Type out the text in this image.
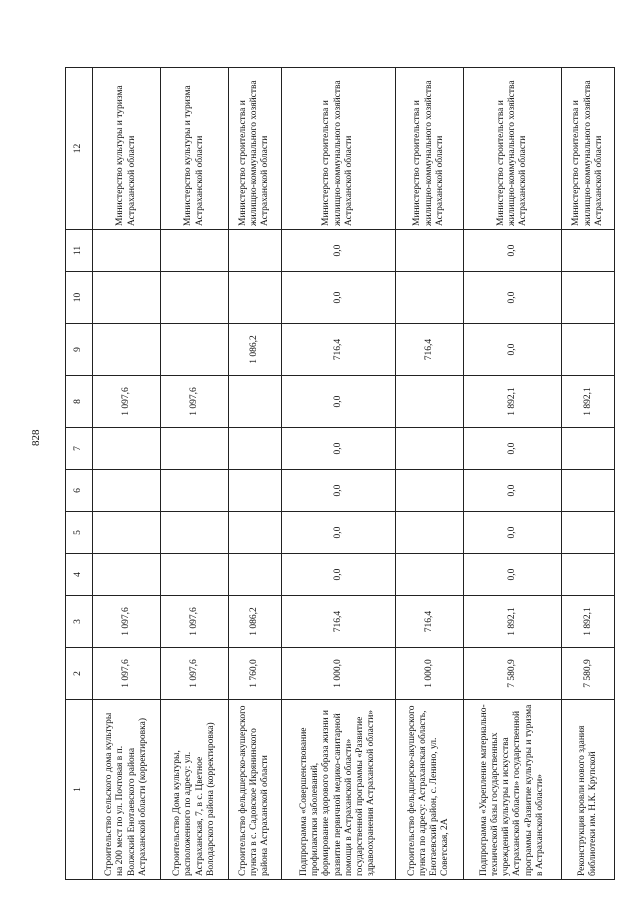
828
1	2	3	4	5	6	7	8	9	10	11	12
Строительство сельского дома культуры на 200 мест по ул. Почтовая в п. Волжский Енотаевского района Астраханской области (корректировка)	1 097,6	1 097,6					1 097,6				Министерство культуры и туризма Астраханской области
Строительство Дома культуры, расположенного по адресу: ул. Астраханская, 7, в с. Цветное Володарского района (корректировка)	1 097,6	1 097,6					1 097,6				Министерство культуры и туризма Астраханской области
Строительство фельдшерско-акушерского пункта в с. Садовское Икрянинского района Астраханской области	1 760,0	1 086,2						1 086,2			Министерство строительства и жилищно-коммунального хозяйства Астраханской области
Подпрограмма «Совершенствование профилактики заболеваний, формирование здорового образа жизни и развитие первичной медико-санитарной помощи в Астраханской области» государственной программы «Развитие здравоохранения Астраханской области»	1 000,0	716,4	0,0	0,0	0,0	0,0	0,0	716,4	0,0	0,0	Министерство строительства и жилищно-коммунального хозяйства Астраханской области
Строительство фельдшерско-акушерского пункта по адресу: Астраханская область, Енотаевский район, с. Ленино, ул. Советская, 2А	1 000,0	716,4						716,4			Министерство строительства и жилищно-коммунального хозяйства Астраханской области
Подпрограмма «Укрепление материально-технической базы государственных учреждений культуры и искусства Астраханской области» государственной программы «Развитие культуры и туризма в Астраханской области»	7 580,9	1 892,1	0,0	0,0	0,0	0,0	1 892,1	0,0	0,0	0,0	Министерство строительства и жилищно-коммунального хозяйства Астраханской области
Реконструкция кровли нового здания библиотеки им. Н.К. Крупской	7 580,9	1 892,1					1 892,1				Министерство строительства и жилищно-коммунального хозяйства Астраханской области
